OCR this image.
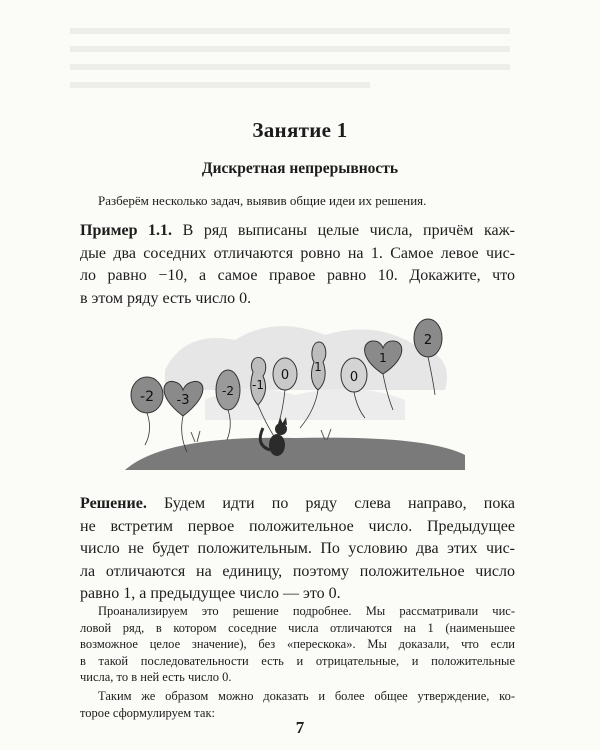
Занятие 1
Дискретная непрерывность
Разберём несколько задач, выявив общие идеи их решения.
Пример 1.1. В ряд выписаны целые числа, причём каж-
дые два соседних отличаются ровно на 1. Самое левое чис-
ло равно −10, а самое правое равно 10. Докажите, что
в этом ряду есть число 0.
-2 -3
-2 -1
0
1
0
1
2
Решение. Будем идти по ряду слева направо, пока
не встретим первое положительное число. Предыдущее
число не будет положительным. По условию два этих чис-
ла отличаются на единицу, поэтому положительное число
равно 1, а предыдущее число — это 0.
Проанализируем это решение подробнее. Мы рассматривали чис-
ловой ряд, в котором соседние числа отличаются на 1 (наименьшее
возможное целое значение), без «перескока». Мы доказали, что если
в такой последовательности есть и отрицательные, и положительные
числа, то в ней есть число 0.
Таким же образом можно доказать и более общее утверждение, ко-
торое сформулируем так:
7
